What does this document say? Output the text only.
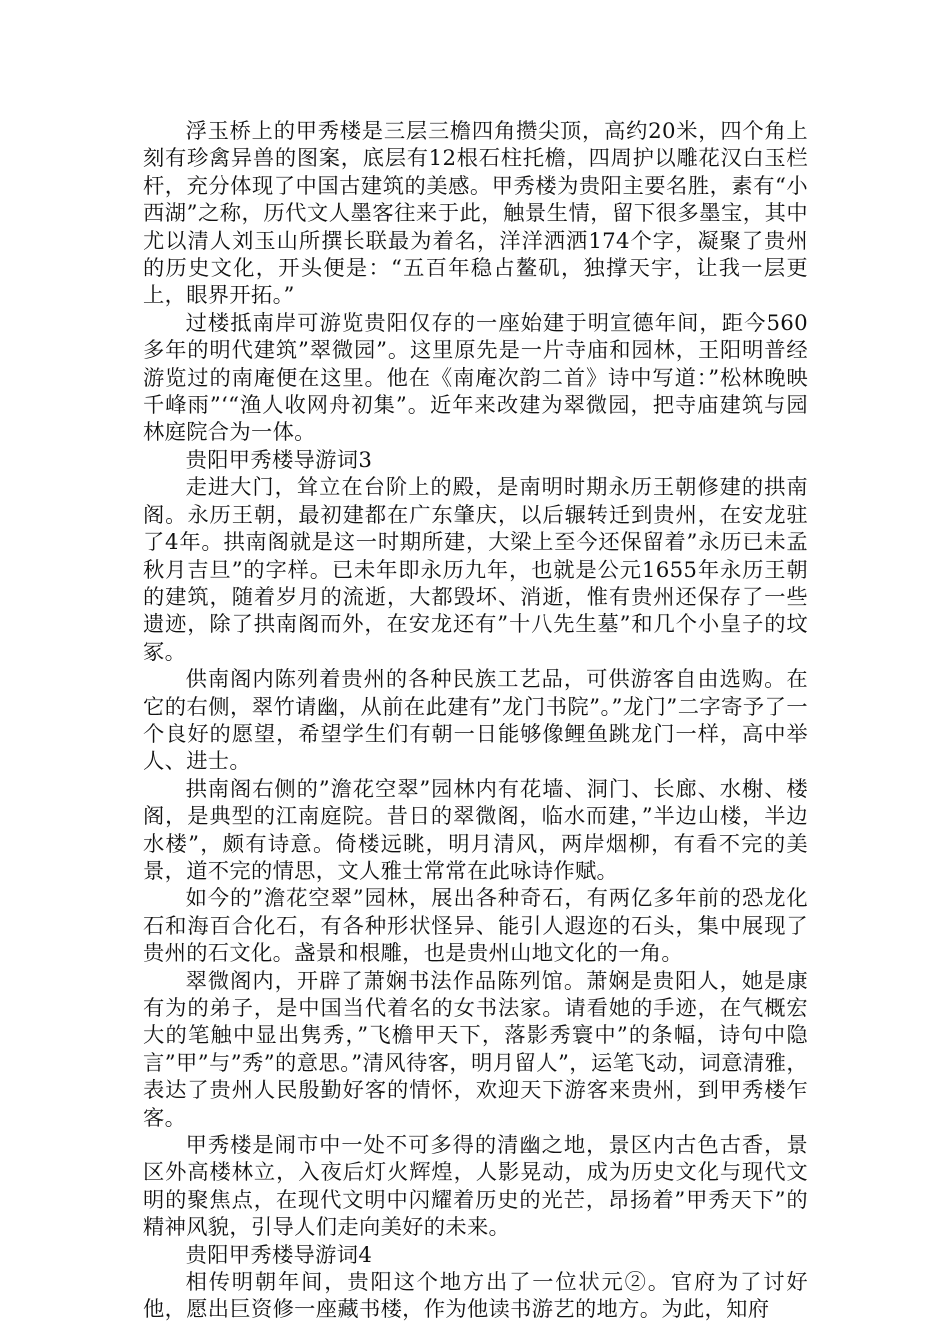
浮玉桥上的甲秀楼是三层三檐四角攒尖顶，高约20米，四个角上刻有珍禽异兽的图案，底层有12根石柱托檐，四周护以雕花汉白玉栏杆，充分体现了中国古建筑的美感。甲秀楼为贵阳主要名胜，素有“小西湖”之称，历代文人墨客往来于此，触景生情，留下很多墨宝，其中尤以清人刘玉山所撰长联最为着名，洋洋洒洒174个字，凝聚了贵州的历史文化，开头便是：“五百年稳占鳌矶，独撑天宇，让我一层更上，眼界开拓。”

过楼抵南岸可游览贵阳仅存的一座始建于明宣德年间，距今560多年的明代建筑”翠微园”。这里原先是一片寺庙和园林，王阳明普经游览过的南庵便在这里。他在《南庵次韵二首》诗中写道：”松林晚映千峰雨”‘“渔人收网舟初集”。近年来改建为翠微园，把寺庙建筑与园林庭院合为一体。

贵阳甲秀楼导游词3

走进大门，耸立在台阶上的殿，是南明时期永历王朝修建的拱南阁。永历王朝，最初建都在广东肇庆，以后辗转迁到贵州，在安龙驻了4年。拱南阁就是这一时期所建，大梁上至今还保留着”永历已未孟秋月吉旦”的字样。已未年即永历九年，也就是公元1655年永历王朝的建筑，随着岁月的流逝，大都毁坏、消逝，惟有贵州还保存了一些遗迹，除了拱南阁而外，在安龙还有”十八先生墓”和几个小皇子的坟冢。

供南阁内陈列着贵州的各种民族工艺品，可供游客自由选购。在它的右侧，翠竹请幽，从前在此建有”龙门书院”。”龙门”二字寄予了一个良好的愿望，希望学生们有朝一日能够像鲤鱼跳龙门一样，高中举人、进士。

拱南阁右侧的”澹花空翠”园林内有花墙、洞门、长廊、水榭、楼阁，是典型的江南庭院。昔日的翠微阁，临水而建，”半边山楼，半边水楼”，颇有诗意。倚楼远眺，明月清风，两岸烟柳，有看不完的美景，道不完的情思，文人雅士常常在此咏诗作赋。

如今的”澹花空翠”园林，展出各种奇石，有两亿多年前的恐龙化石和海百合化石，有各种形状怪异、能引人遐迩的石头，集中展现了贵州的石文化。盏景和根雕，也是贵州山地文化的一角。

翠微阁内，开辟了萧娴书法作品陈列馆。萧娴是贵阳人，她是康有为的弟子，是中国当代着名的女书法家。请看她的手迹，在气概宏大的笔触中显出隽秀，”飞檐甲天下，落影秀寰中”的条幅，诗句中隐言”甲”与”秀”的意思。”清风待客，明月留人”，运笔飞动，词意清雅，表达了贵州人民殷勤好客的情怀，欢迎天下游客来贵州，到甲秀楼乍客。

甲秀楼是闹市中一处不可多得的清幽之地，景区内古色古香，景区外高楼林立，入夜后灯火辉煌，人影晃动，成为历史文化与现代文明的聚焦点，在现代文明中闪耀着历史的光芒，昂扬着”甲秀天下”的精神风貌，引导人们走向美好的未来。

贵阳甲秀楼导游词4

相传明朝年间，贵阳这个地方出了一位状元②。官府为了讨好他，愿出巨资修一座藏书楼，作为他读书游艺的地方。为此，知府
